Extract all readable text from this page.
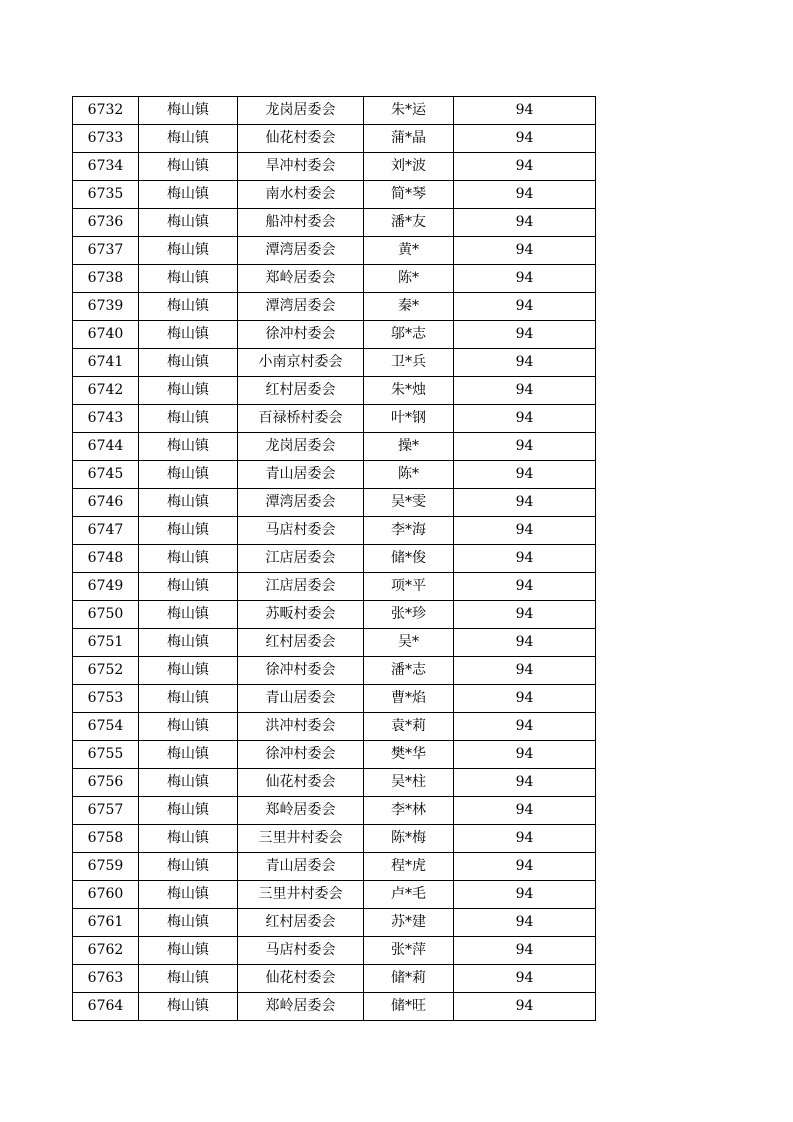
6732	梅山镇	龙岗居委会	朱*运	94
6733	梅山镇	仙花村委会	蒲*晶	94
6734	梅山镇	旱冲村委会	刘*波	94
6735	梅山镇	南水村委会	简*琴	94
6736	梅山镇	船冲村委会	潘*友	94
6737	梅山镇	潭湾居委会	黄*	94
6738	梅山镇	郑岭居委会	陈*	94
6739	梅山镇	潭湾居委会	秦*	94
6740	梅山镇	徐冲村委会	邬*志	94
6741	梅山镇	小南京村委会	卫*兵	94
6742	梅山镇	红村居委会	朱*烛	94
6743	梅山镇	百禄桥村委会	叶*钢	94
6744	梅山镇	龙岗居委会	操*	94
6745	梅山镇	青山居委会	陈*	94
6746	梅山镇	潭湾居委会	吴*雯	94
6747	梅山镇	马店村委会	李*海	94
6748	梅山镇	江店居委会	储*俊	94
6749	梅山镇	江店居委会	项*平	94
6750	梅山镇	苏畈村委会	张*珍	94
6751	梅山镇	红村居委会	吴*	94
6752	梅山镇	徐冲村委会	潘*志	94
6753	梅山镇	青山居委会	曹*焰	94
6754	梅山镇	洪冲村委会	袁*莉	94
6755	梅山镇	徐冲村委会	樊*华	94
6756	梅山镇	仙花村委会	吴*柱	94
6757	梅山镇	郑岭居委会	李*林	94
6758	梅山镇	三里井村委会	陈*梅	94
6759	梅山镇	青山居委会	程*虎	94
6760	梅山镇	三里井村委会	卢*毛	94
6761	梅山镇	红村居委会	苏*建	94
6762	梅山镇	马店村委会	张*萍	94
6763	梅山镇	仙花村委会	储*莉	94
6764	梅山镇	郑岭居委会	储*旺	94
